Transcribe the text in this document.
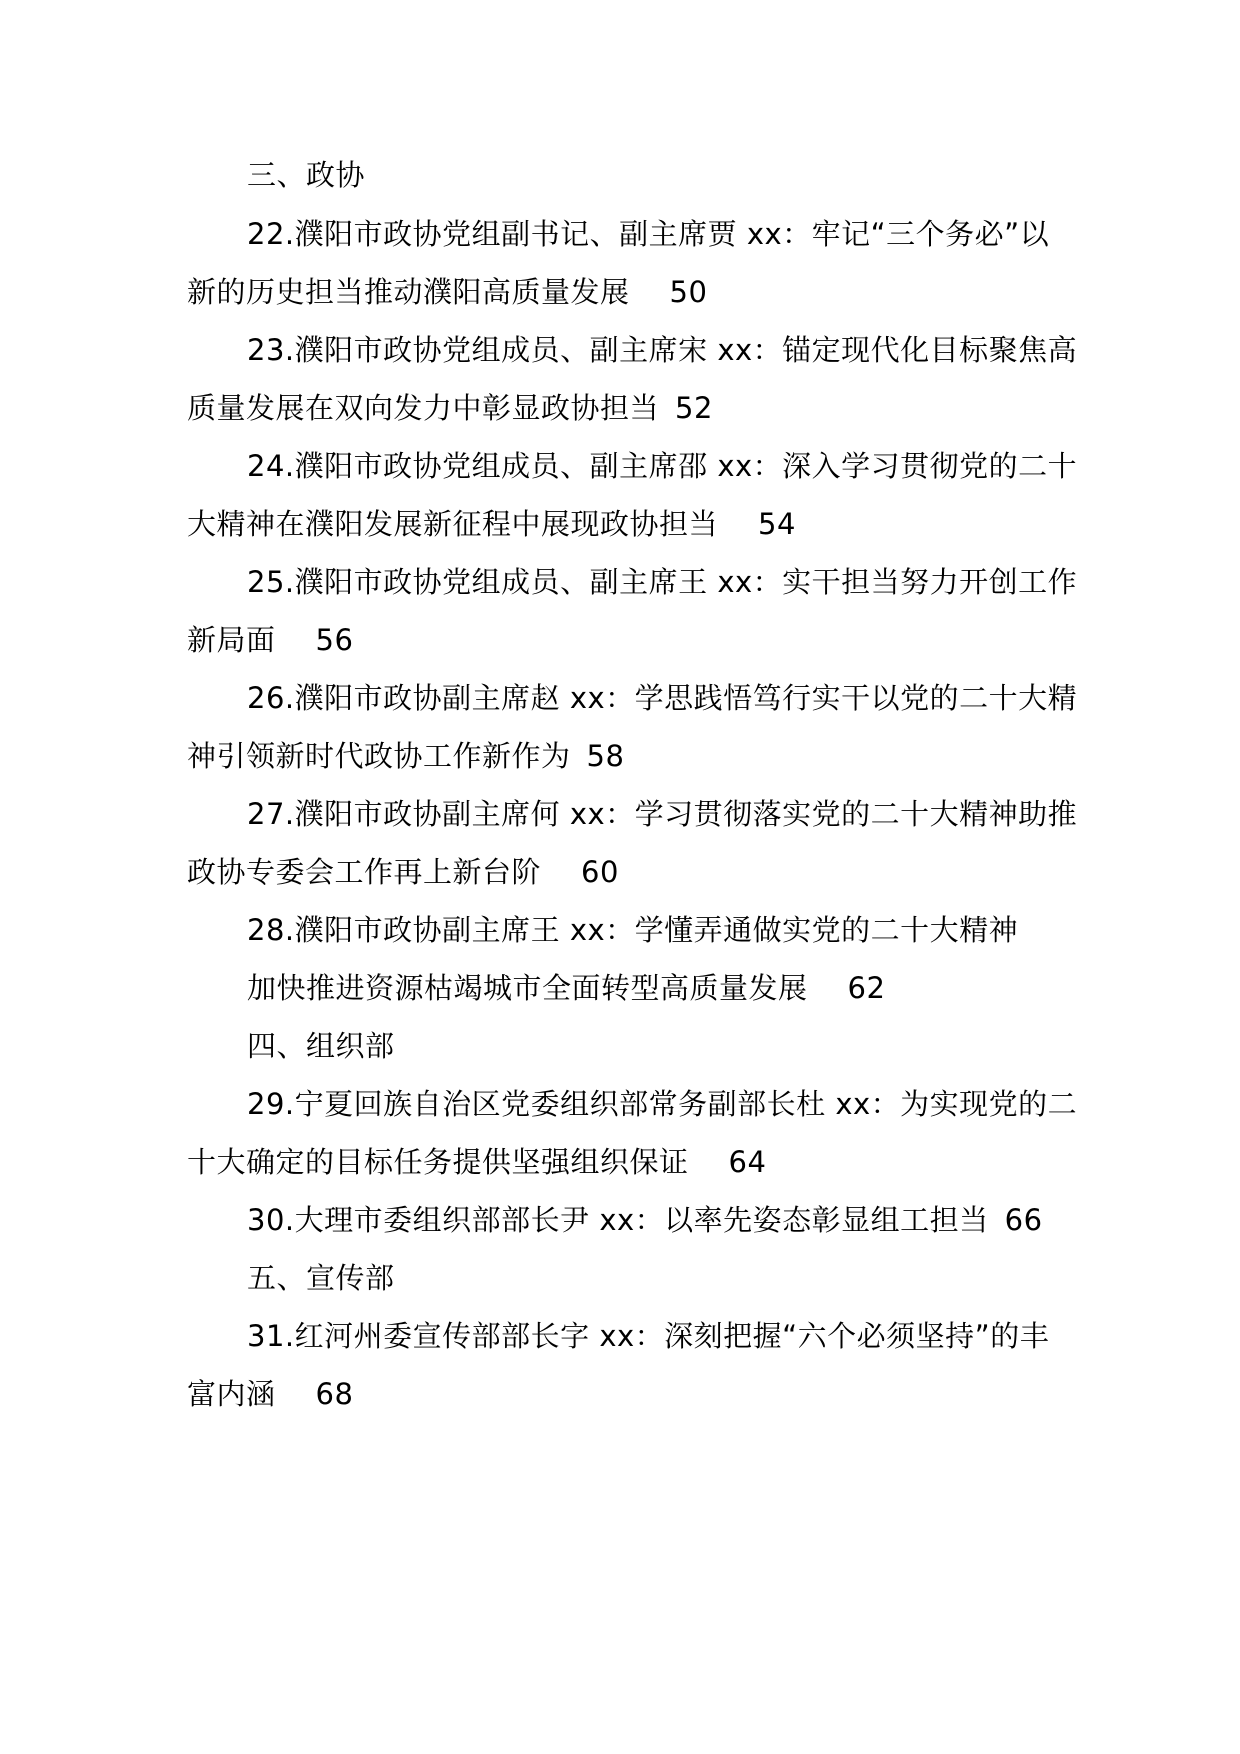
三、政协
22.濮阳市政协党组副书记、副主席贾 xx：牢记“三个务必”以
新的历史担当推动濮阳高质量发展 50
23.濮阳市政协党组成员、副主席宋 xx：锚定现代化目标聚焦高
质量发展在双向发力中彰显政协担当 52
24.濮阳市政协党组成员、副主席邵 xx：深入学习贯彻党的二十
大精神在濮阳发展新征程中展现政协担当 54
25.濮阳市政协党组成员、副主席王 xx：实干担当努力开创工作
新局面 56
26.濮阳市政协副主席赵 xx：学思践悟笃行实干以党的二十大精
神引领新时代政协工作新作为 58
27.濮阳市政协副主席何 xx：学习贯彻落实党的二十大精神助推
政协专委会工作再上新台阶 60
28.濮阳市政协副主席王 xx：学懂弄通做实党的二十大精神
加快推进资源枯竭城市全面转型高质量发展 62
四、组织部
29.宁夏回族自治区党委组织部常务副部长杜 xx：为实现党的二
十大确定的目标任务提供坚强组织保证 64
30.大理市委组织部部长尹 xx：以率先姿态彰显组工担当 66
五、宣传部
31.红河州委宣传部部长字 xx：深刻把握“六个必须坚持”的丰
富内涵 68
